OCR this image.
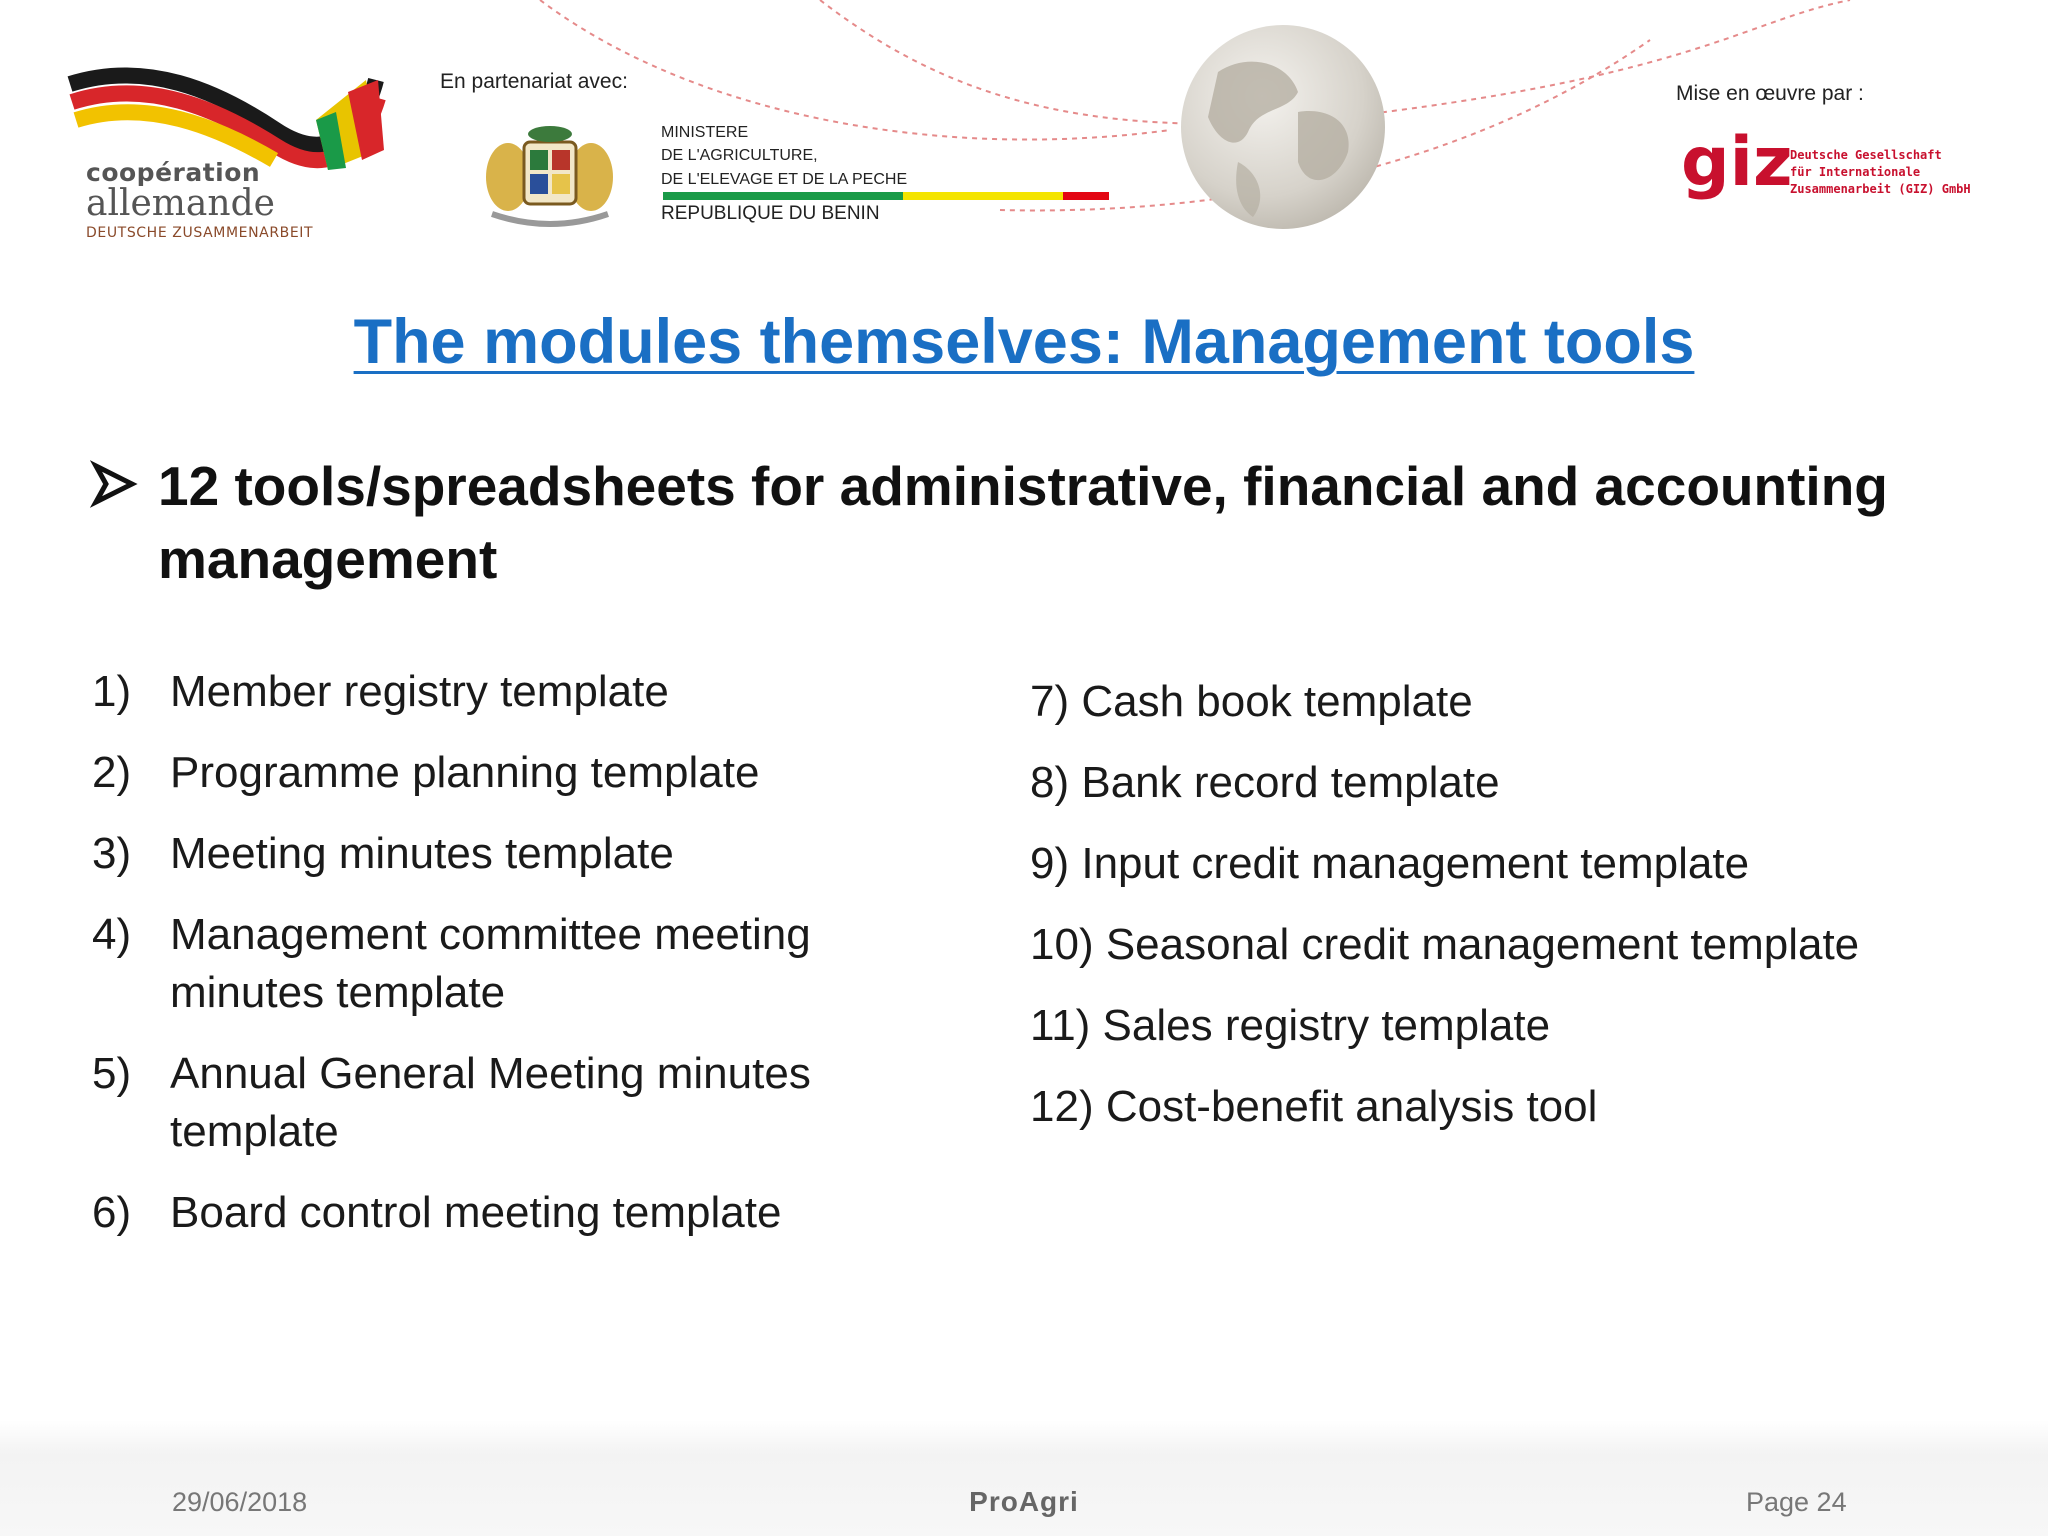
coopération
allemande
DEUTSCHE ZUSAMMENARBEIT
En partenariat avec:
MINISTERE
DE L'AGRICULTURE,
DE L'ELEVAGE ET DE LA PECHE
REPUBLIQUE DU BENIN
Mise en œuvre par :
giz
Deutsche Gesellschaft
für Internationale
Zusammenarbeit (GIZ) GmbH
The modules themselves: Management tools
12 tools/spreadsheets for administrative, financial and accounting management
1) Member registry template
2) Programme planning template
3) Meeting minutes template
4) Management committee meeting minutes template
5) Annual General Meeting minutes template
6) Board control meeting template
7) Cash book template
8) Bank record template
9) Input credit management template
10) Seasonal credit management template
11) Sales registry template
12) Cost-benefit analysis tool
29/06/2018	ProAgri	Page 24
